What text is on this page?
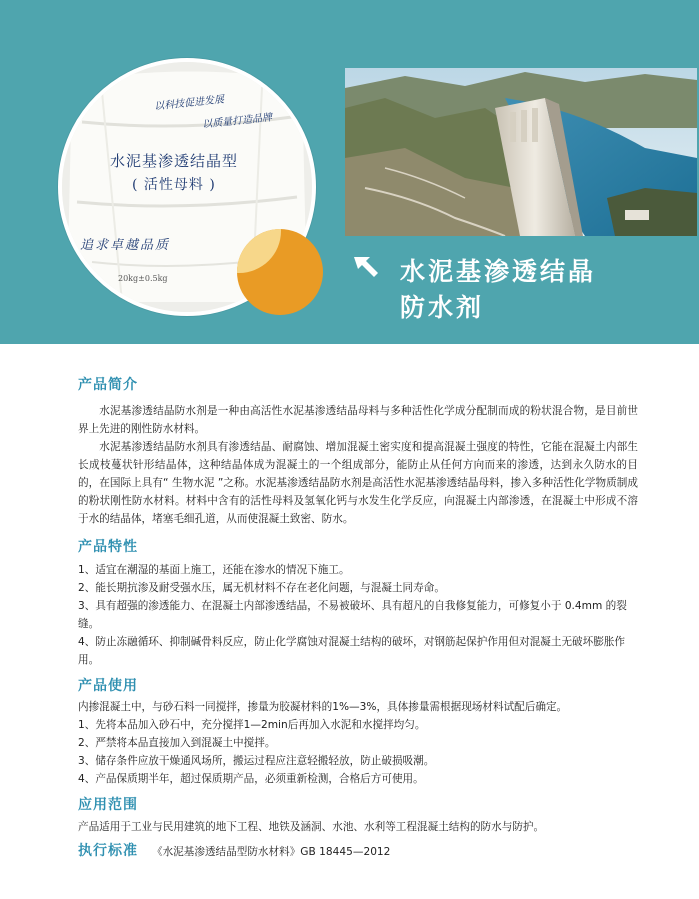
以科技促进发展
以质量打造品牌
水泥基渗透结晶型
( 活性母料 )
追求卓越品质
20kg±0.5kg	水泥基渗透结晶
防水剂
产品简介

水泥基渗透结晶防水剂是一种由高活性水泥基渗透结晶母料与多种活性化学成分配制而成的粉状混合物，是目前世界上先进的刚性防水材料。

水泥基渗透结晶防水剂具有渗透结晶、耐腐蚀、增加混凝土密实度和提高混凝土强度的特性，它能在混凝土内部生长成枝蔓状针形结晶体，这种结晶体成为混凝土的一个组成部分，能防止从任何方向而来的渗透，达到永久防水的目的，在国际上具有“ 生物水泥 ”之称。水泥基渗透结晶防水剂是高活性水泥基渗透结晶母料，掺入多种活性化学物质制成的粉状刚性防水材料。材料中含有的活性母料及氢氧化钙与水发生化学反应，向混凝土内部渗透，在混凝土中形成不溶于水的结晶体，堵塞毛细孔道，从而使混凝土致密、防水。

产品特性

1、适宜在潮湿的基面上施工，还能在渗水的情况下施工。

2、能长期抗渗及耐受强水压，属无机材料不存在老化问题，与混凝土同寿命。

3、具有超强的渗透能力、在混凝土内部渗透结晶，不易被破坏、具有超凡的自我修复能力，可修复小于 0.4mm 的裂缝。

4、防止冻融循环、抑制碱骨料反应，防止化学腐蚀对混凝土结构的破坏，对钢筋起保护作用但对混凝土无破坏膨胀作用。

产品使用

内掺混凝土中，与砂石料一同搅拌，掺量为胶凝材料的1%—3%，具体掺量需根据现场材料试配后确定。

1、先将本品加入砂石中，充分搅拌1—2min后再加入水泥和水搅拌均匀。

2、严禁将本品直接加入到混凝土中搅拌。

3、储存条件应放干燥通风场所，搬运过程应注意轻搬轻放，防止破损吸潮。

4、产品保质期半年，超过保质期产品，必须重新检测，合格后方可使用。

应用范围

产品适用于工业与民用建筑的地下工程、地铁及涵洞、水池、水利等工程混凝土结构的防水与防护。

执行标准 《水泥基渗透结晶型防水材料》GB 18445—2012
